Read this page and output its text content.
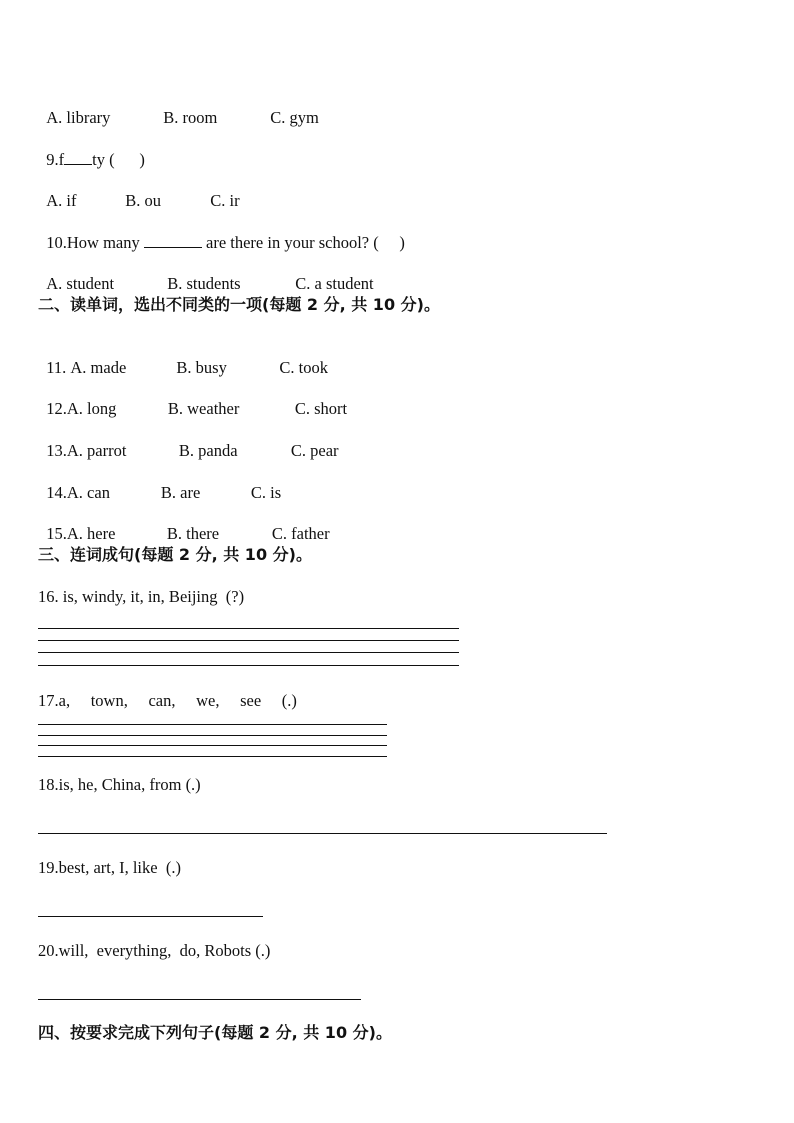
A. library	B. room	C. gym

9.f ty (      )

A. if	B. ou	C. ir

10.How many	are there in your school? (     )

A. student	B. students	C. a student

二、读单词，选出不同类的一项(每题 2 分, 共 10 分)。

11. A. made	B. busy	C. took

12.A. long	B. weather	C. short

13.A. parrot	B. panda	C. pear

14.A. can	B. are	C. is

15.A. here	B. there	C. father

三、连词成句(每题 2 分, 共 10 分)。
16. is, windy, it, in, Beijing  (?)
17.a,     town,     can,     we,     see     (.)
18.is, he, China, from (.)
19.best, art, I, like  (.)
20.will,  everything,  do, Robots (.)
四、按要求完成下列句子(每题 2 分, 共 10 分)。
